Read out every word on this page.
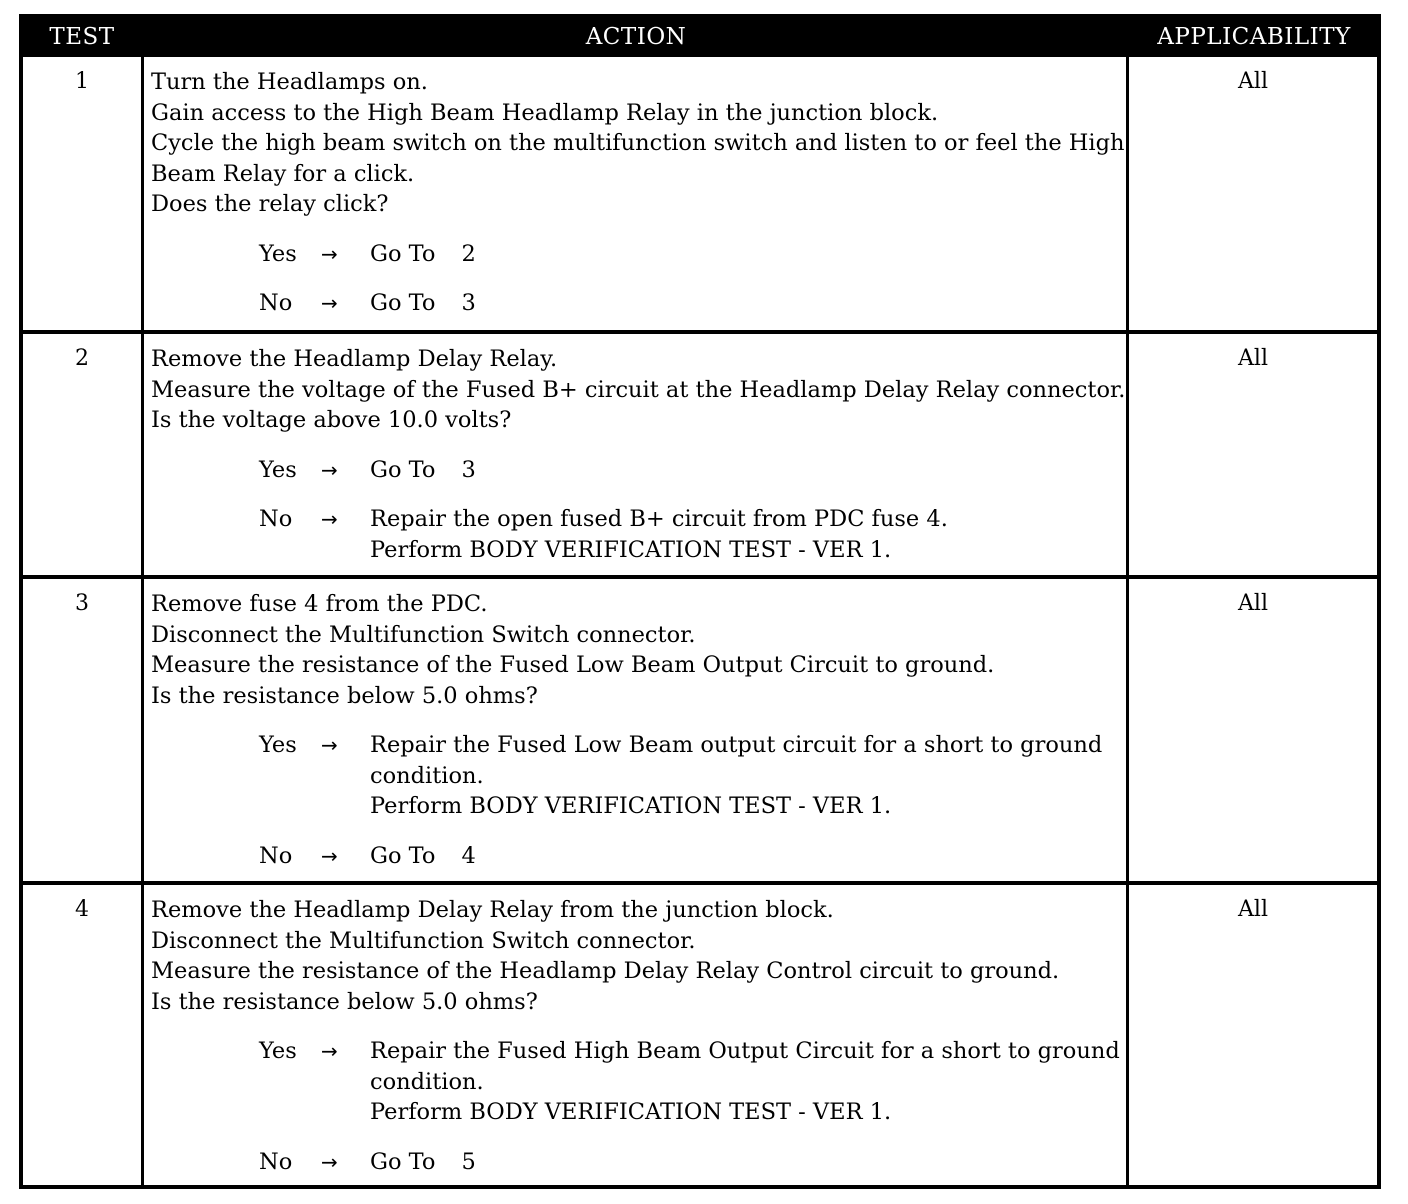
TEST	ACTION	APPLICABILITY
1	Turn the Headlamps on.
Gain access to the High Beam Headlamp Relay in the junction block.
Cycle the high beam switch on the multifunction switch and listen to or feel the High
Beam Relay for a click.
Does the relay click?
Yes	→ Go To 2
No	→ Go To 3
All
2	Remove the Headlamp Delay Relay.
Measure the voltage of the Fused B+ circuit at the Headlamp Delay Relay connector.
Is the voltage above 10.0 volts?
Yes	→ Go To 3
No	→ Repair the open fused B+ circuit from PDC fuse 4.
Perform BODY VERIFICATION TEST - VER 1.
All
3	Remove fuse 4 from the PDC.
Disconnect the Multifunction Switch connector.
Measure the resistance of the Fused Low Beam Output Circuit to ground.
Is the resistance below 5.0 ohms?
Yes	→ Repair the Fused Low Beam output circuit for a short to ground
condition.
Perform BODY VERIFICATION TEST - VER 1.
No	→ Go To 4
All
4	Remove the Headlamp Delay Relay from the junction block.
Disconnect the Multifunction Switch connector.
Measure the resistance of the Headlamp Delay Relay Control circuit to ground.
Is the resistance below 5.0 ohms?
Yes	→ Repair the Fused High Beam Output Circuit for a short to ground
condition.
Perform BODY VERIFICATION TEST - VER 1.
No	→ Go To 5
All
